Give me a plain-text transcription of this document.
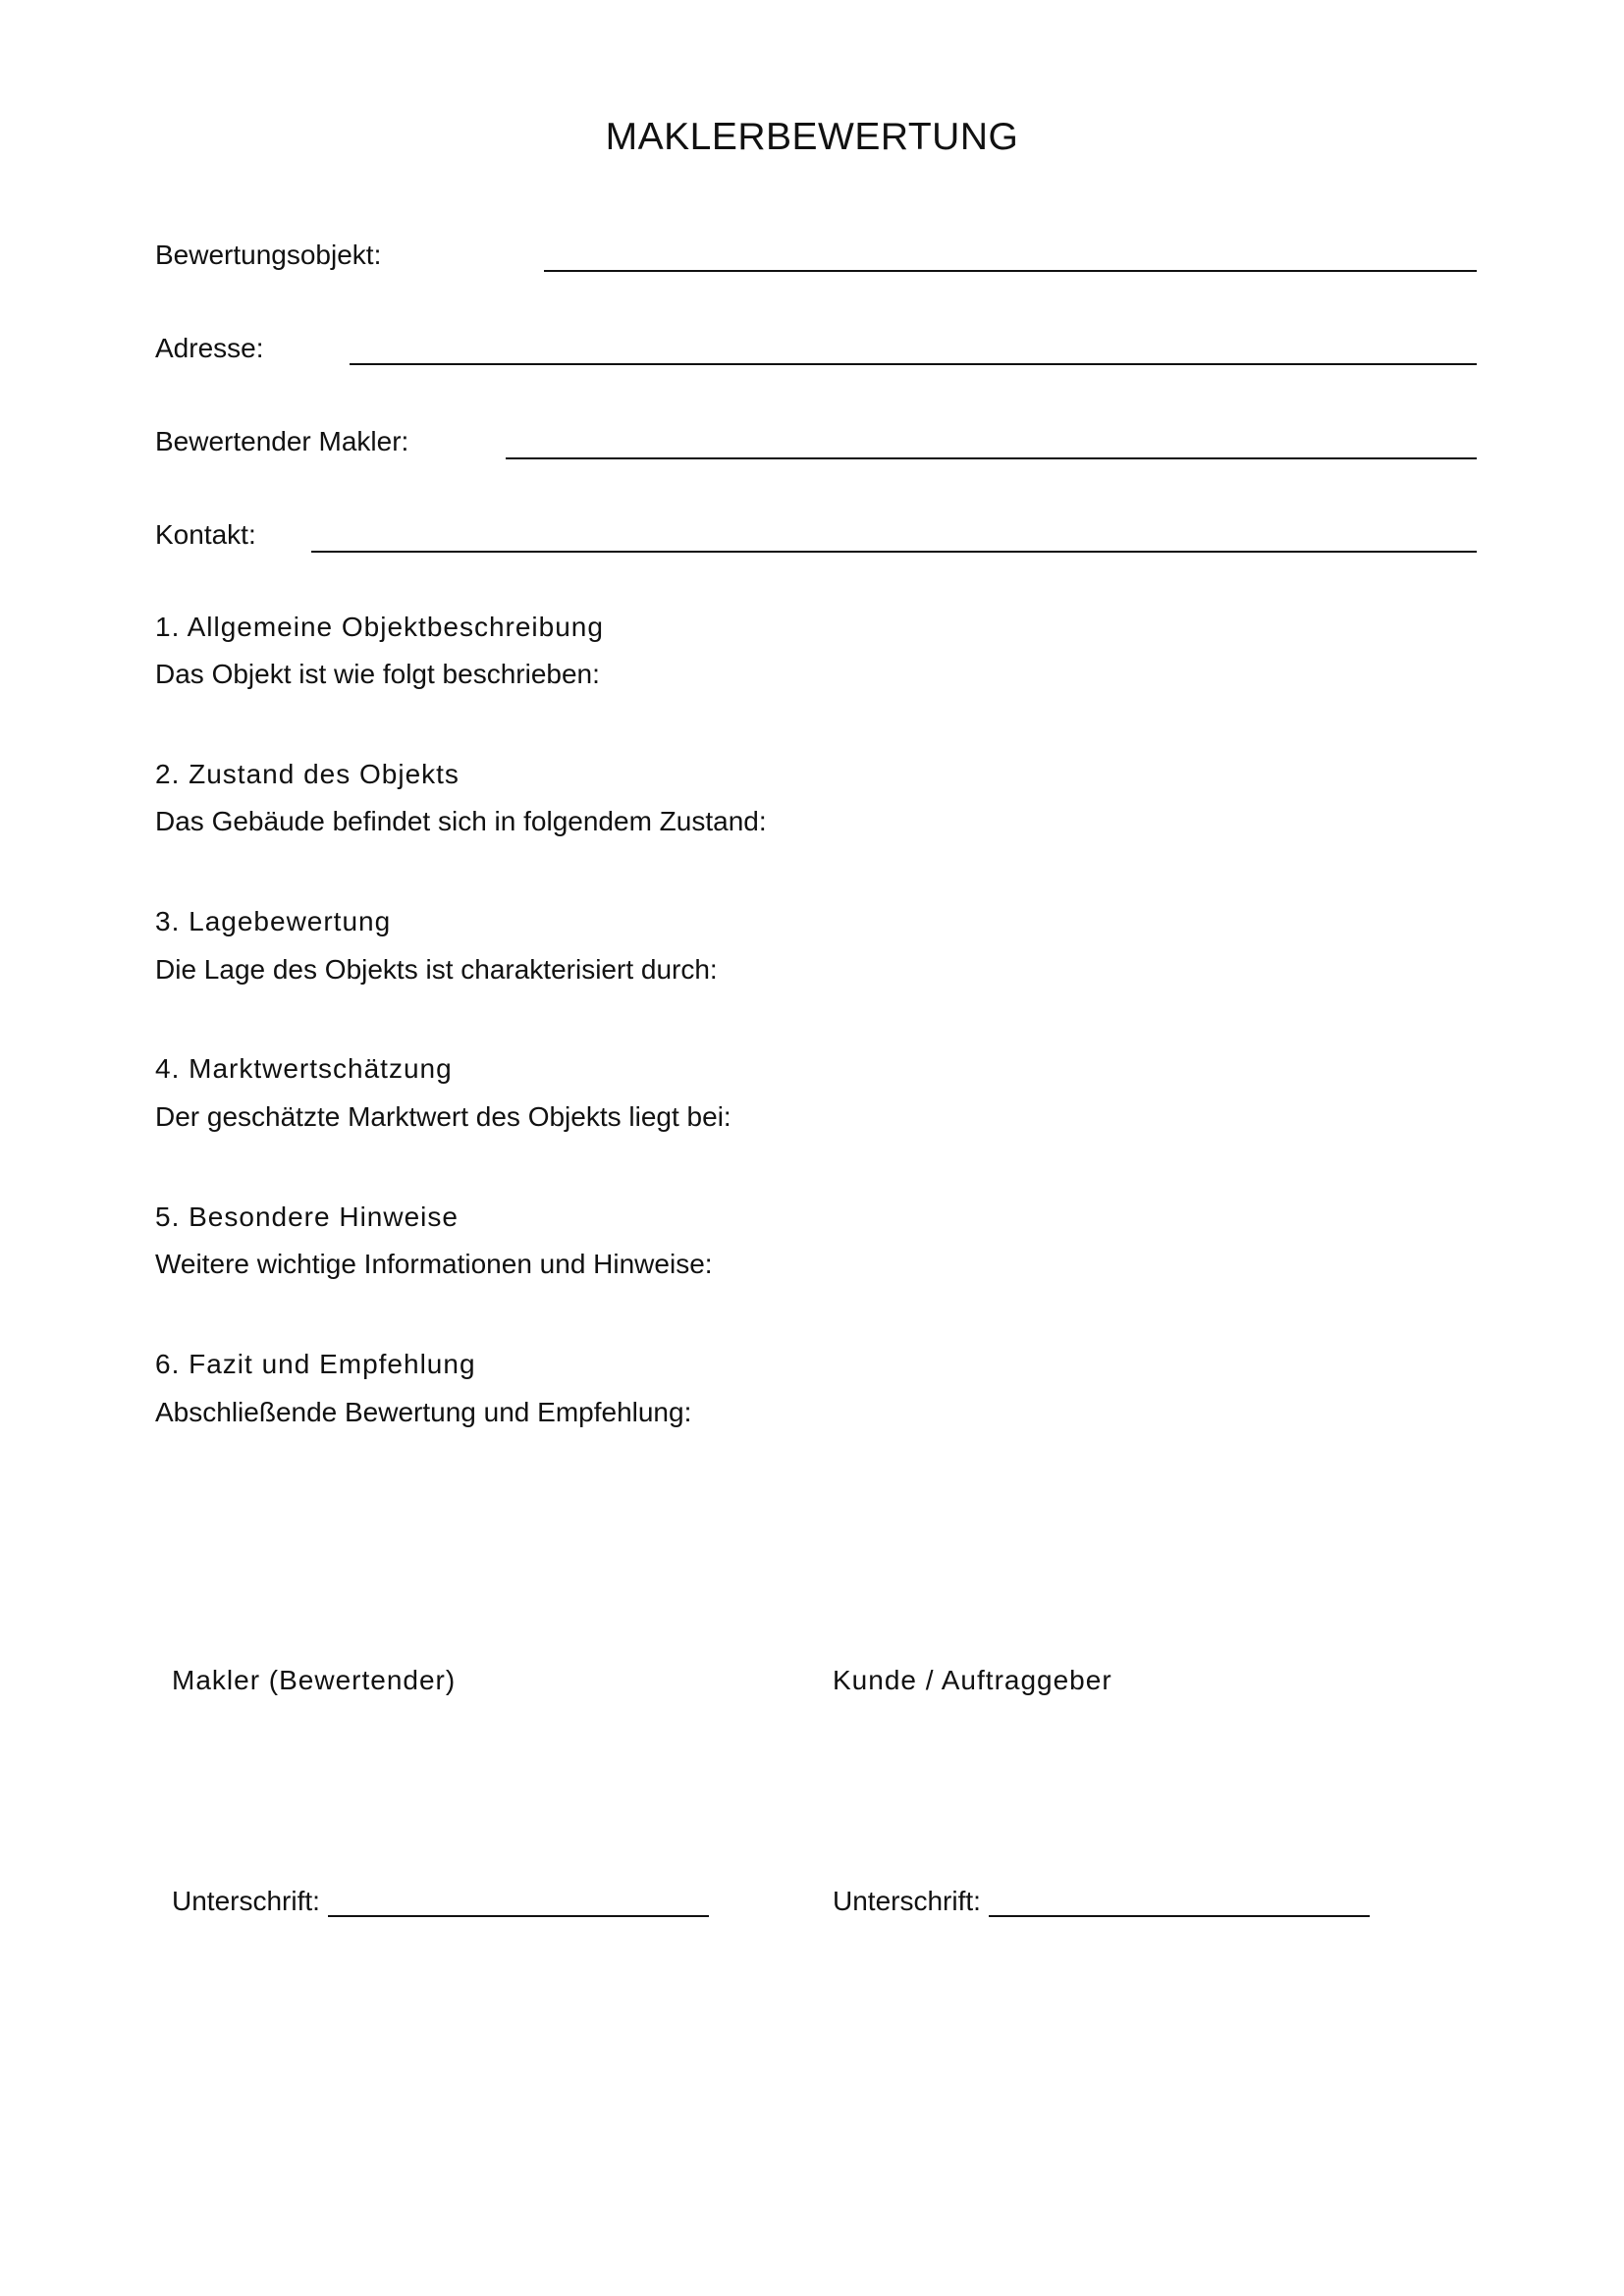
MAKLERBEWERTUNG
Bewertungsobjekt:
Adresse:
Bewertender Makler:
Kontakt:
1. Allgemeine Objektbeschreibung
Das Objekt ist wie folgt beschrieben:
2. Zustand des Objekts
Das Gebäude befindet sich in folgendem Zustand:
3. Lagebewertung
Die Lage des Objekts ist charakterisiert durch:
4. Marktwertschätzung
Der geschätzte Marktwert des Objekts liegt bei:
5. Besondere Hinweise
Weitere wichtige Informationen und Hinweise:
6. Fazit und Empfehlung
Abschließende Bewertung und Empfehlung:
Makler (Bewertender)	Kunde / Auftraggeber
Unterschrift:	Unterschrift:
